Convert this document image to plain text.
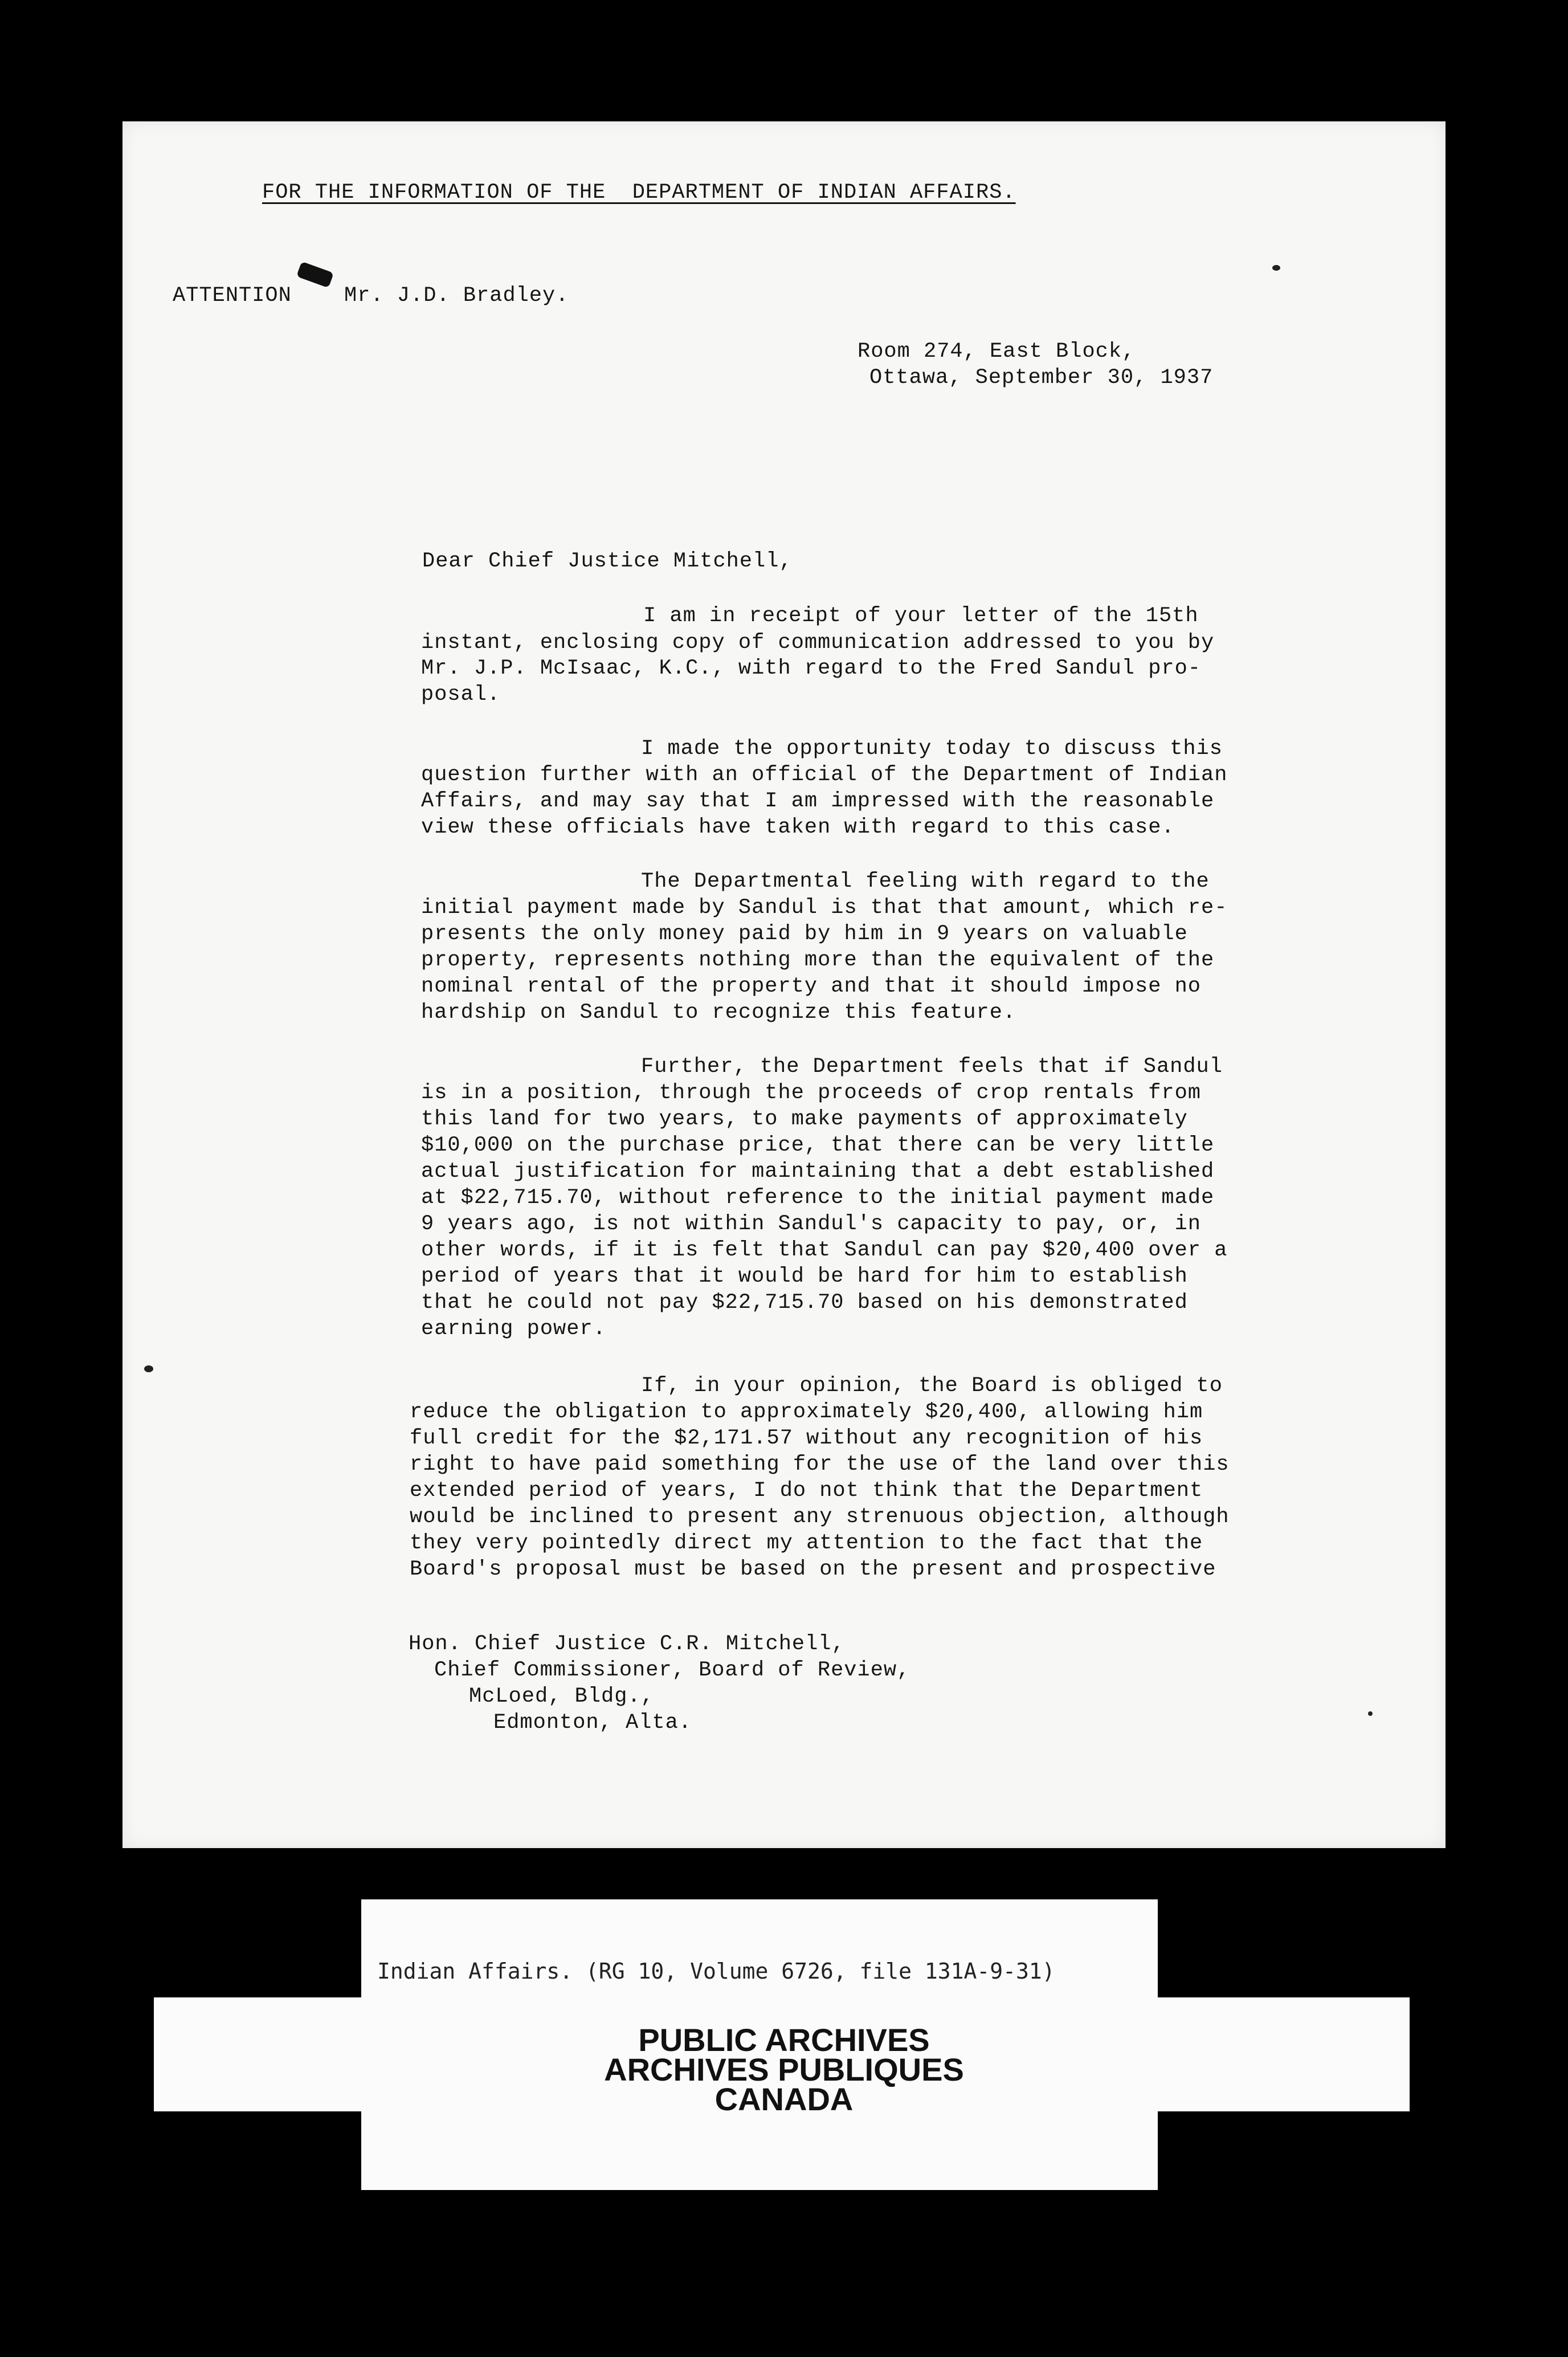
FOR THE INFORMATION OF THE  DEPARTMENT OF INDIAN AFFAIRS.
ATTENTION Mr. J.D. Bradley.
Room 274, East Block,
Ottawa, September 30, 1937
Dear Chief Justice Mitchell,
I am in receipt of your letter of the 15th
instant, enclosing copy of communication addressed to you by
Mr. J.P. McIsaac, K.C., with regard to the Fred Sandul pro-
posal.
I made the opportunity today to discuss this
question further with an official of the Department of Indian
Affairs, and may say that I am impressed with the reasonable
view these officials have taken with regard to this case.
The Departmental feeling with regard to the
initial payment made by Sandul is that that amount, which re-
presents the only money paid by him in 9 years on valuable
property, represents nothing more than the equivalent of the
nominal rental of the property and that it should impose no
hardship on Sandul to recognize this feature.
Further, the Department feels that if Sandul
is in a position, through the proceeds of crop rentals from
this land for two years, to make payments of approximately
$10,000 on the purchase price, that there can be very little
actual justification for maintaining that a debt established
at $22,715.70, without reference to the initial payment made
9 years ago, is not within Sandul's capacity to pay, or, in
other words, if it is felt that Sandul can pay $20,400 over a
period of years that it would be hard for him to establish
that he could not pay $22,715.70 based on his demonstrated
earning power.
If, in your opinion, the Board is obliged to
reduce the obligation to approximately $20,400, allowing him
full credit for the $2,171.57 without any recognition of his
right to have paid something for the use of the land over this
extended period of years, I do not think that the Department
would be inclined to present any strenuous objection, although
they very pointedly direct my attention to the fact that the
Board's proposal must be based on the present and prospective
Hon. Chief Justice C.R. Mitchell,
Chief Commissioner, Board of Review,
McLoed, Bldg.,
Edmonton, Alta.
Indian Affairs. (RG 10, Volume 6726, file 131A-9-31)
PUBLIC ARCHIVES
ARCHIVES PUBLIQUES
CANADA
